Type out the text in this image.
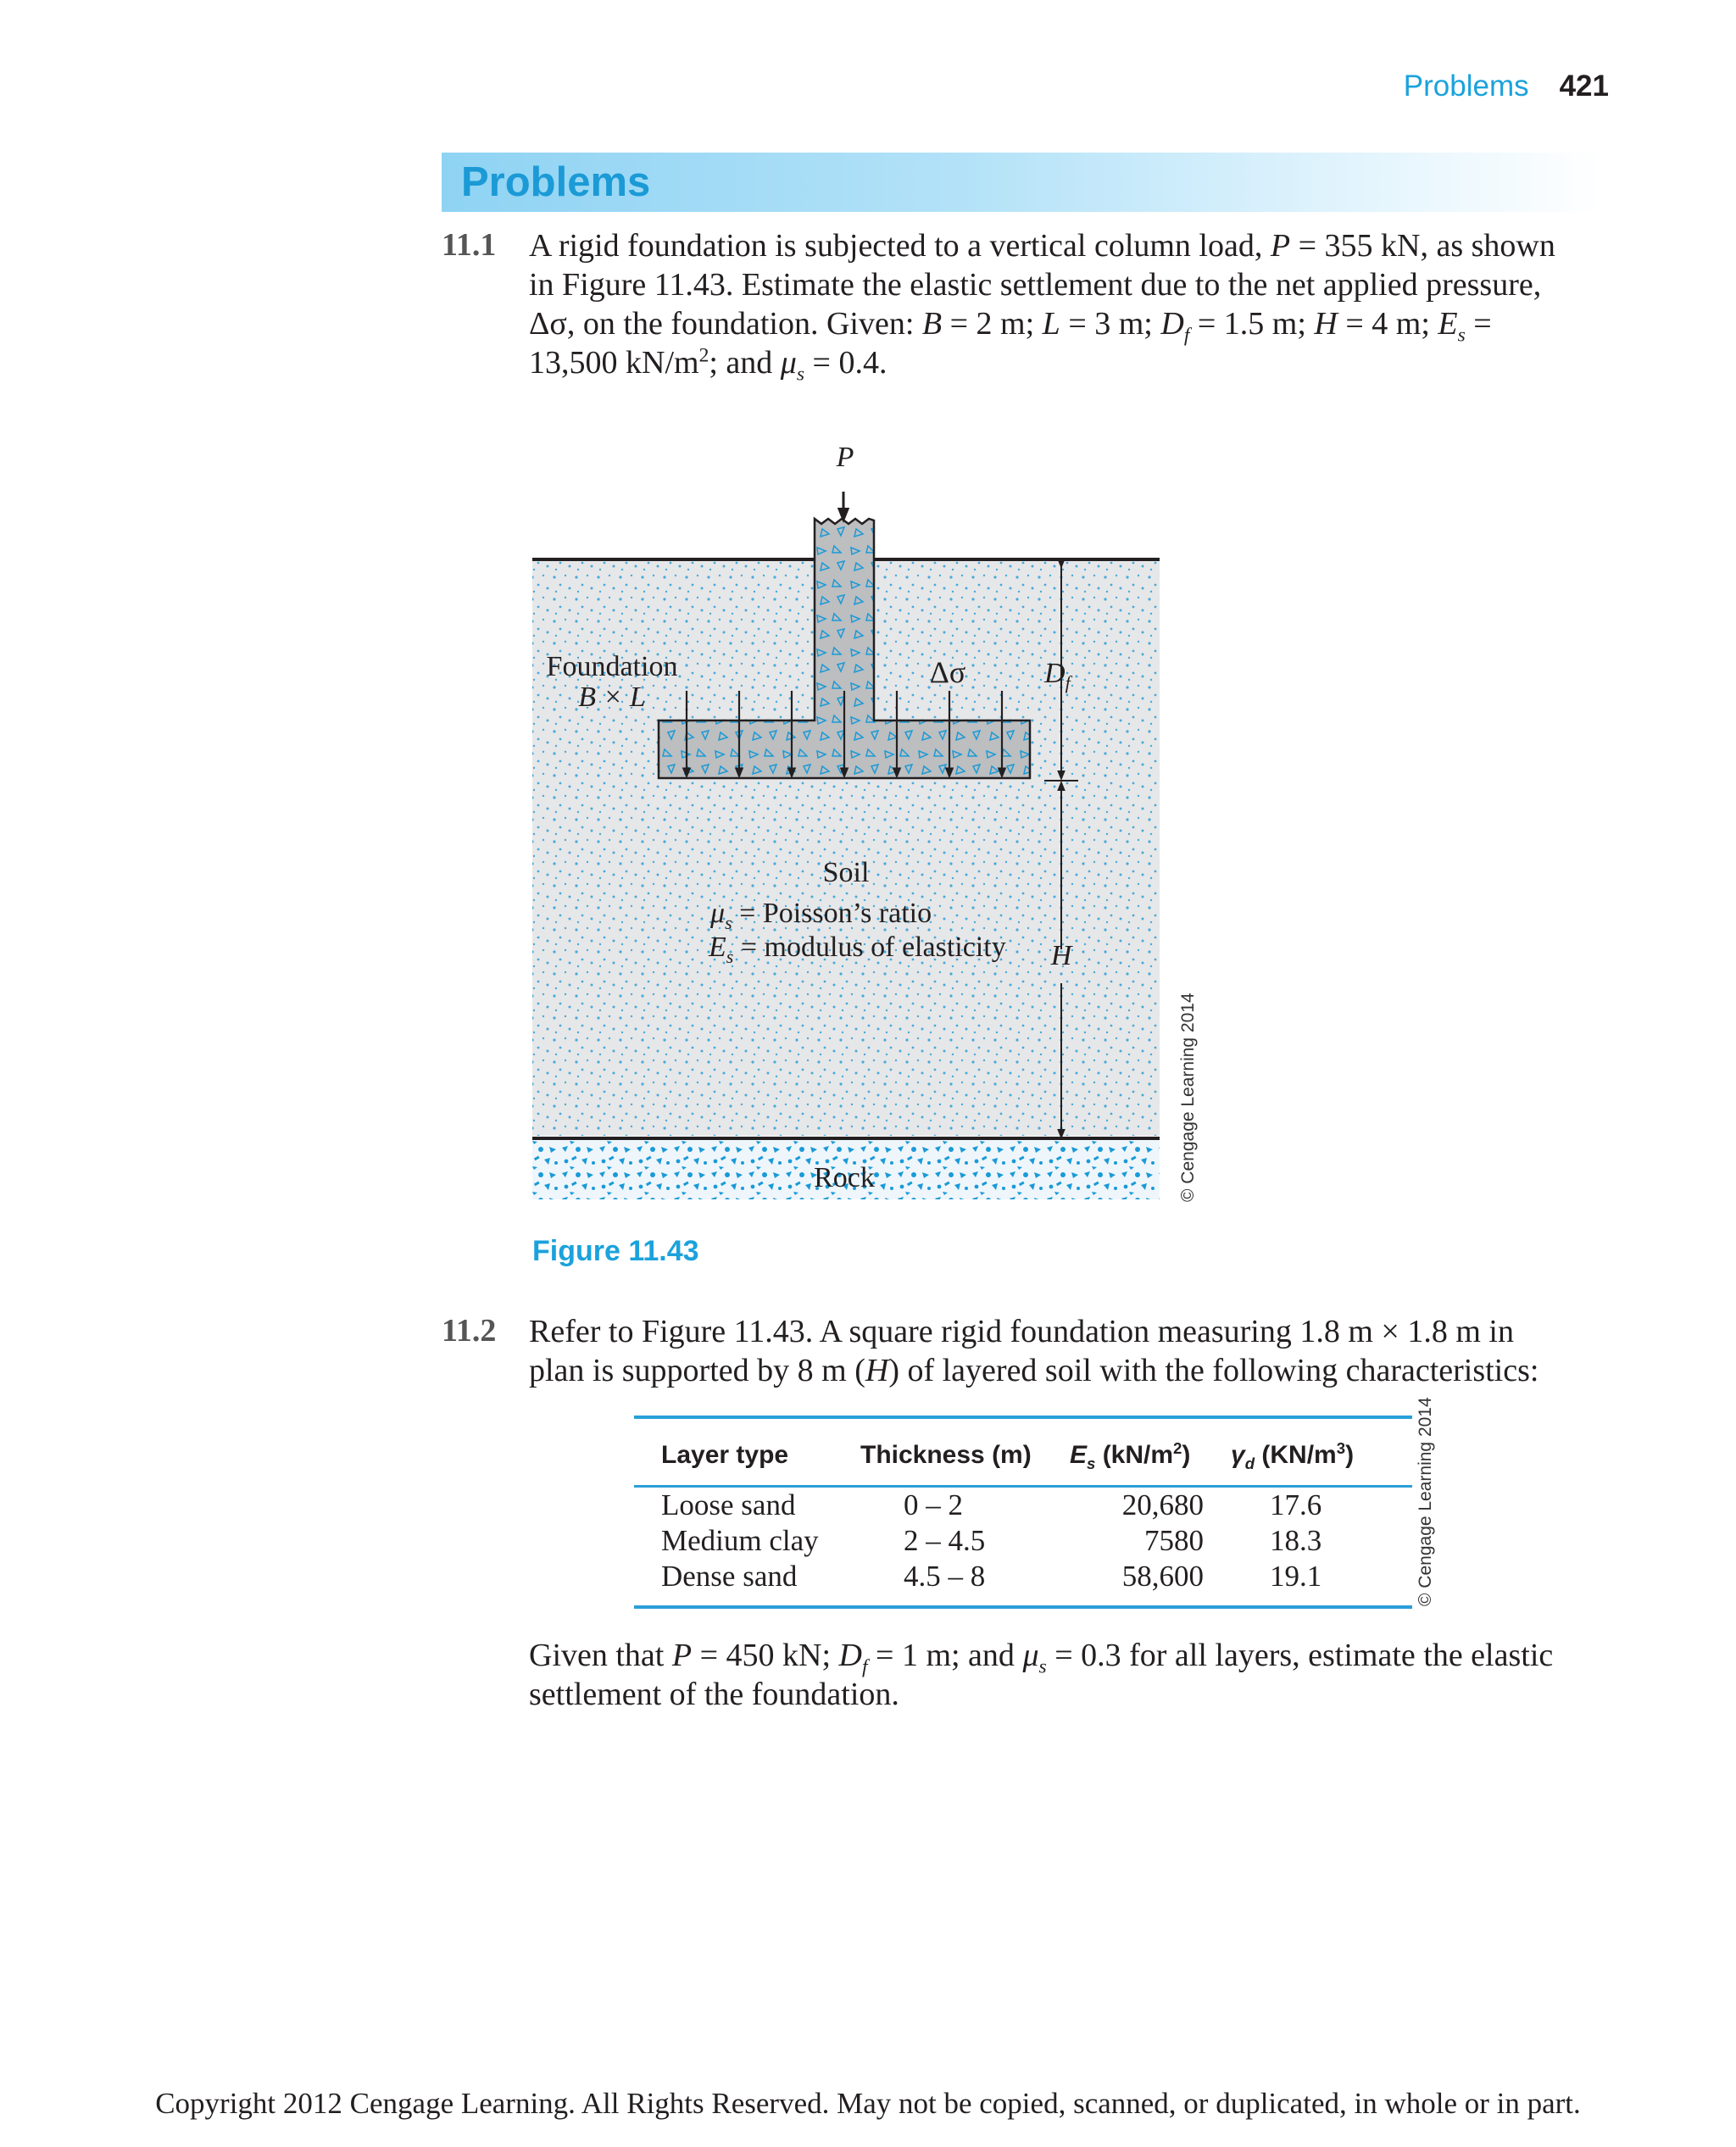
Problems 421
Problems
11.1 A rigid foundation is subjected to a vertical column load, P = 355 kN, as shown
in Figure 11.43. Estimate the elastic settlement due to the net applied pressure,
Δσ, on the foundation. Given: B = 2 m; L = 3 m; $D_f = 1.5$ m; H = 4 m; $E_s$ =
13,500 $kN/m^2$; and $\mu_s = 0.4$.
P
$D_f$
H
Foundation
B × L
Δσ
Soil
$\mu_s$ = Poisson’s ratio
$E_s$ = modulus of elasticity
Rock	© Cengage Learning 2014
Figure 11.43
11.2 Refer to Figure 11.43. A square rigid foundation measuring 1.8 m × 1.8 m in
plan is supported by 8 m (H) of layered soil with the following characteristics:
Layer type	Thickness (m) $E_s$ $(kN/m^2)$ $\gamma_d$ $(KN/m^3)$
Loose sand	0 – 2	20,680 17.6
Medium clay	2 – 4.5	7580 18.3
Dense sand	4.5 – 8	58,600 19.1	© Cengage Learning 2014
Given that P = 450 kN; $D_f = 1$ m; and $\mu_s = 0.3$ for all layers, estimate the elastic
settlement of the foundation.
Copyright 2012 Cengage Learning. All Rights Reserved. May not be copied, scanned, or duplicated, in whole or in part.
